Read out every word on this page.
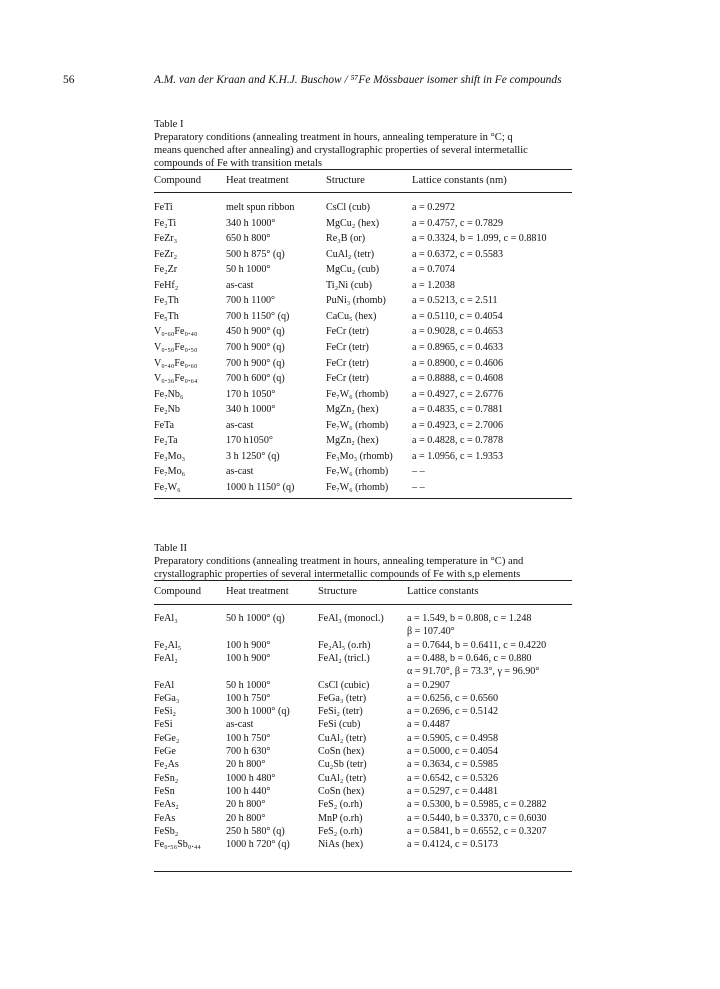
56	A.M. van der Kraan and K.H.J. Buschow / ⁵⁷Fe Mössbauer isomer shift in Fe compounds

Table I

Preparatory conditions (annealing treatment in hours, annealing temperature in °C; q

means quenched after annealing) and crystallographic properties of several intermetallic

compounds of Fe with transition metals

Compound Heat treatment	Structure	Lattice constants (nm)
FeTi	melt spun ribbon	CsCl (cub)	a = 0.2972
Fe₂Ti	340 h 1000°	MgCu₂ (hex)	a = 0.4757, c = 0.7829
FeZr₃	650 h 800°	Re₃B (or)	a = 0.3324, b = 1.099, c = 0.8810
FeZr₂	500 h 875° (q)	CuAl₂ (tetr)	a = 0.6372, c = 0.5583
Fe₂Zr	50 h 1000°	MgCu₂ (cub)	a = 0.7074
FeHf₂	as-cast	Ti₂Ni (cub)	a = 1.2038
Fe₃Th	700 h 1100°	PuNi₃ (rhomb)	a = 0.5213, c = 2.511
Fe₅Th	700 h 1150° (q)	CaCu₅ (hex)	a = 0.5110, c = 0.4054
V₀.₆₀Fe₀.₄₀	450 h 900° (q)	FeCr (tetr)	a = 0.9028, c = 0.4653
V₀.₅₀Fe₀.₅₀	700 h 900° (q)	FeCr (tetr)	a = 0.8965, c = 0.4633
V₀.₄₀Fe₀.₆₀	700 h 900° (q)	FeCr (tetr)	a = 0.8900, c = 0.4606
V₀.₃₆Fe₀.₆₄	700 h 600° (q)	FeCr (tetr)	a = 0.8888, c = 0.4608
Fe₇Nb₆	170 h 1050°	Fe₇W₆ (rhomb) a = 0.4927, c = 2.6776
Fe₂Nb	340 h 1000°	MgZn₂ (hex)	a = 0.4835, c = 0.7881
FeTa	as-cast	Fe₇W₆ (rhomb) a = 0.4923, c = 2.7006
Fe₂Ta	170 h1050°	MgZn₂ (hex)	a = 0.4828, c = 0.7878
Fe₃Mo₃	3 h 1250° (q)	Fe₃Mo₃ (rhomb) a = 1.0956, c = 1.9353
Fe₇Mo₆	as-cast	Fe₇W₆ (rhomb) – –
Fe₇W₆	1000 h 1150° (q)	Fe₇W₆ (rhomb) – –

Table II

Preparatory conditions (annealing treatment in hours, annealing temperature in °C) and

crystallographic properties of several intermetallic compounds of Fe with s,p elements

Compound Heat treatment	Structure	Lattice constants
FeAl₃	50 h 1000° (q)	FeAl₃ (monocl.) a = 1.549, b = 0.808, c = 1.248
β = 107.40°
Fe₂Al₅	100 h 900°	Fe₂Al₅ (o.rh)	a = 0.7644, b = 0.6411, c = 0.4220
FeAl₂	100 h 900°	FeAl₂ (tricl.)	a = 0.488, b = 0.646, c = 0.880
α = 91.70°, β = 73.3°, γ = 96.90°
FeAl	50 h 1000°	CsCl (cubic)	a = 0.2907
FeGa₃	100 h 750°	FeGa₃ (tetr)	a = 0.6256, c = 0.6560
FeSi₂	300 h 1000° (q)	FeSi₂ (tetr)	a = 0.2696, c = 0.5142
FeSi	as-cast	FeSi (cub)	a = 0.4487
FeGe₂	100 h 750°	CuAl₂ (tetr)	a = 0.5905, c = 0.4958
FeGe	700 h 630°	CoSn (hex)	a = 0.5000, c = 0.4054
Fe₂As	20 h 800°	Cu₂Sb (tetr)	a = 0.3634, c = 0.5985
FeSn₂	1000 h 480°	CuAl₂ (tetr)	a = 0.6542, c = 0.5326
FeSn	100 h 440°	CoSn (hex)	a = 0.5297, c = 0.4481
FeAs₂	20 h 800°	FeS₂ (o.rh)	a = 0.5300, b = 0.5985, c = 0.2882
FeAs	20 h 800°	MnP (o.rh)	a = 0.5440, b = 0.3370, c = 0.6030
FeSb₂	250 h 580° (q)	FeS₂ (o.rh)	a = 0.5841, b = 0.6552, c = 0.3207
Fe₀.₅₆Sb₀.₄₄ 1000 h 720° (q)	NiAs (hex)	a = 0.4124, c = 0.5173
